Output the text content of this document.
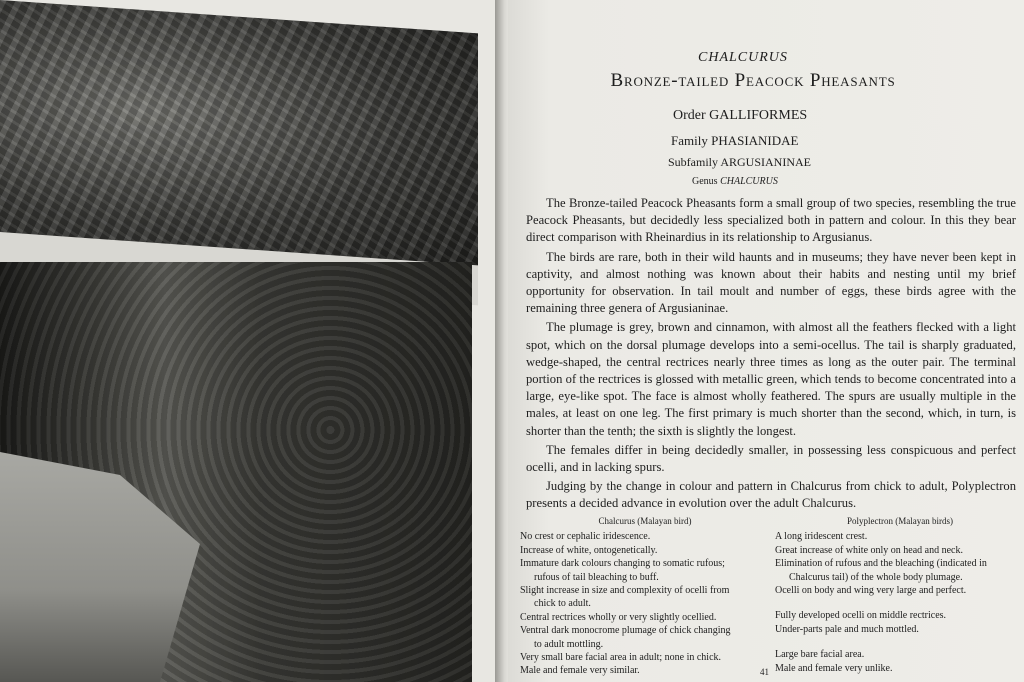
CHALCURUS
Bronze-tailed Peacock Pheasants
Order GALLIFORMES
Family PHASIANIDAE
Subfamily ARGUSIANINAE
Genus CHALCURUS

The Bronze-tailed Peacock Pheasants form a small group of two species, resembling the true Peacock Pheasants, but decidedly less specialized both in pattern and colour. In this they bear direct comparison with Rheinardius in its relationship to Argusianus.

The birds are rare, both in their wild haunts and in museums; they have never been kept in captivity, and almost nothing was known about their habits and nesting until my brief opportunity for observation. In tail moult and number of eggs, these birds agree with the remaining three genera of Argusianinae.

The plumage is grey, brown and cinnamon, with almost all the feathers flecked with a light spot, which on the dorsal plumage develops into a semi-ocellus. The tail is sharply graduated, wedge-shaped, the central rectrices nearly three times as long as the outer pair. The terminal portion of the rectrices is glossed with metallic green, which tends to become concentrated into a large, eye-like spot. The face is almost wholly feathered. The spurs are usually multiple in the males, at least on one leg. The first primary is much shorter than the second, which, in turn, is shorter than the tenth; the sixth is slightly the longest.

The females differ in being decidedly smaller, in possessing less conspicuous and perfect ocelli, and in lacking spurs.

Judging by the change in colour and pattern in Chalcurus from chick to adult, Polyplectron presents a decided advance in evolution over the adult Chalcurus.

Chalcurus (Malayan bird)
No crest or cephalic iridescence.
Increase of white, ontogenetically.
Immature dark colours changing to somatic rufous;
rufous of tail bleaching to buff.
Slight increase in size and complexity of ocelli from
chick to adult.
Central rectrices wholly or very slightly ocellied.
Ventral dark monocrome plumage of chick changing
to adult mottling.
Very small bare facial area in adult; none in chick.
Male and female very similar.
Polyplectron (Malayan birds)
A long iridescent crest.
Great increase of white only on head and neck.
Elimination of rufous and the bleaching (indicated in
Chalcurus tail) of the whole body plumage.
Ocelli on body and wing very large and perfect.
Fully developed ocelli on middle rectrices.
Under-parts pale and much mottled.
Large bare facial area.
Male and female very unlike.
41
